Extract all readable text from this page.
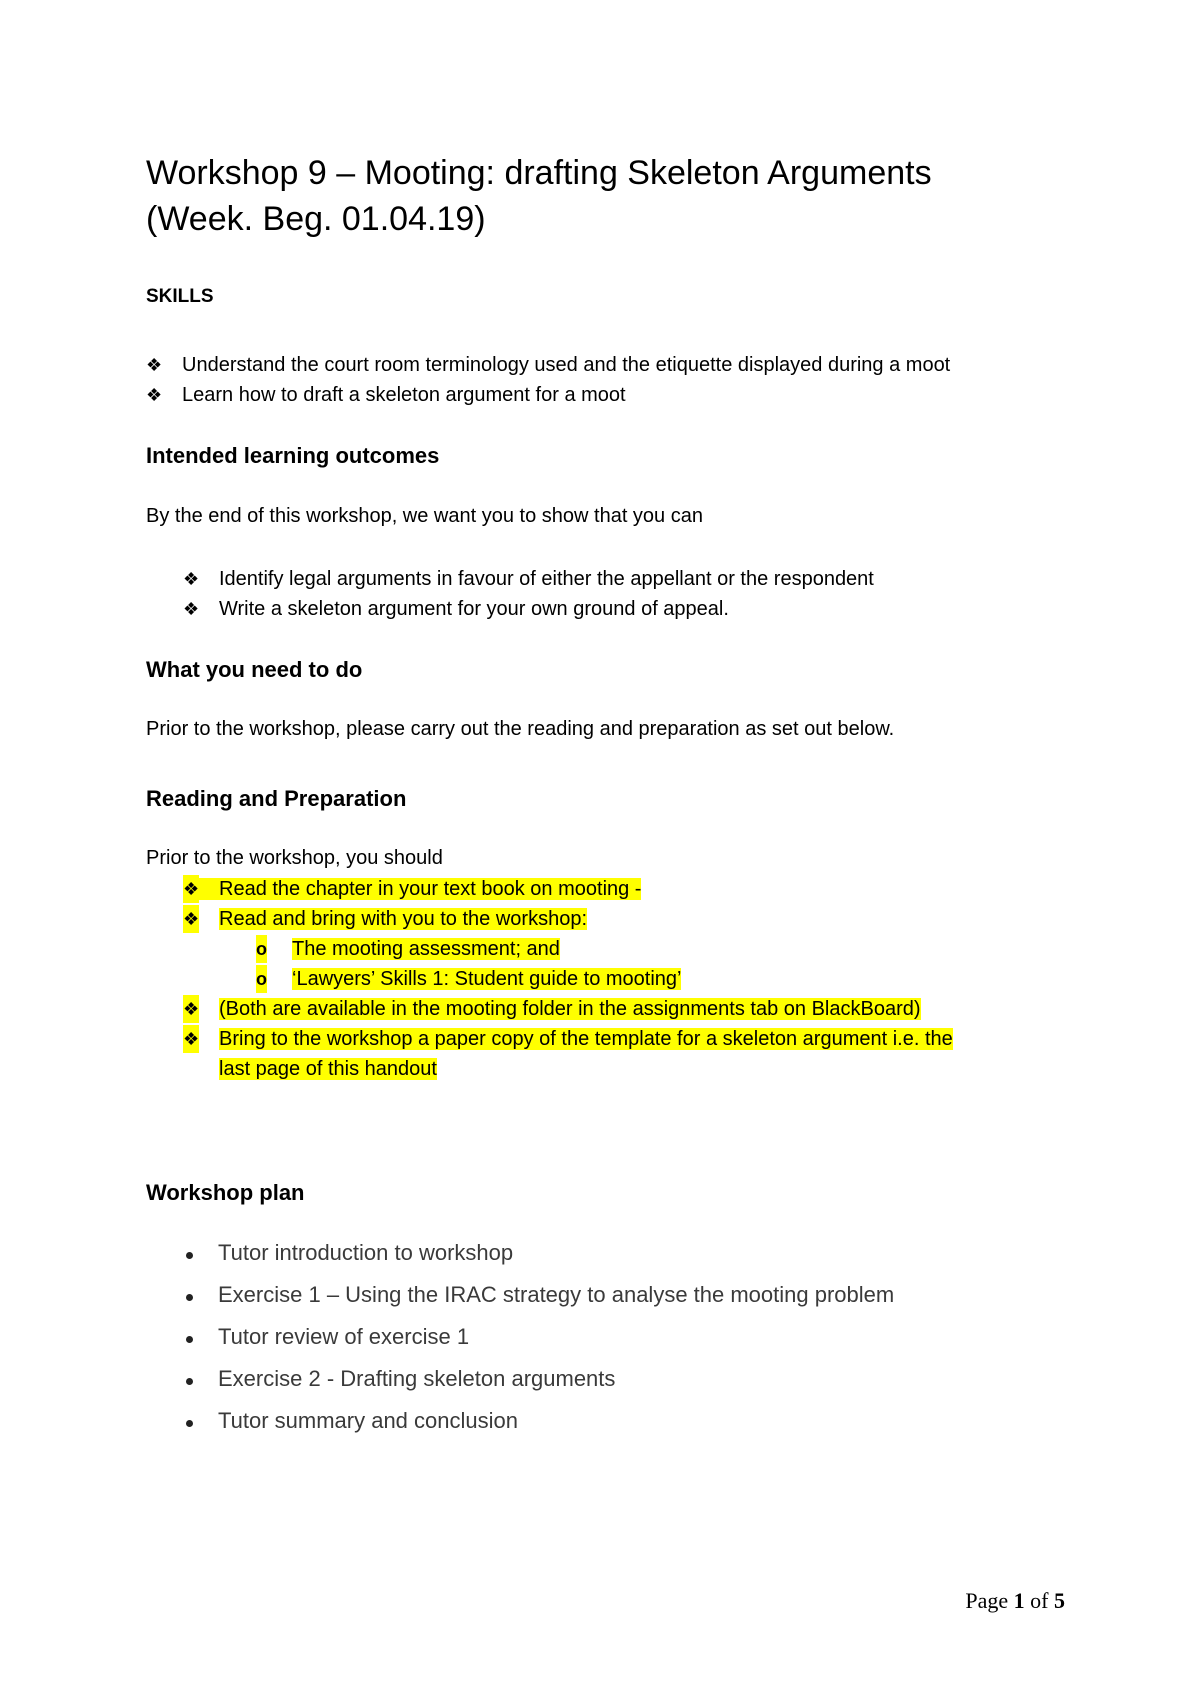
Workshop 9 – Mooting: drafting Skeleton Arguments
(Week. Beg. 01.04.19)

SKILLS

❖ Understand the court room terminology used and the etiquette displayed during a moot

❖ Learn how to draft a skeleton argument for a moot

Intended learning outcomes

By the end of this workshop, we want you to show that you can

❖ Identify legal arguments in favour of either the appellant or the respondent

❖ Write a skeleton argument for your own ground of appeal.

What you need to do

Prior to the workshop, please carry out the reading and preparation as set out below.

Reading and Preparation

Prior to the workshop, you should

❖ Read the chapter in your text book on mooting -

❖ Read and bring with you to the workshop:

o The mooting assessment; and

o ‘Lawyers’ Skills 1: Student guide to mooting’

❖ (Both are available in the mooting folder in the assignments tab on BlackBoard)

❖ Bring to the workshop a paper copy of the template for a skeleton argument i.e. the

last page of this handout

Workshop plan

Tutor introduction to workshop

Exercise 1 – Using the IRAC strategy to analyse the mooting problem

Tutor review of exercise 1

Exercise 2 - Drafting skeleton arguments

Tutor summary and conclusion

Page 1 of 5
